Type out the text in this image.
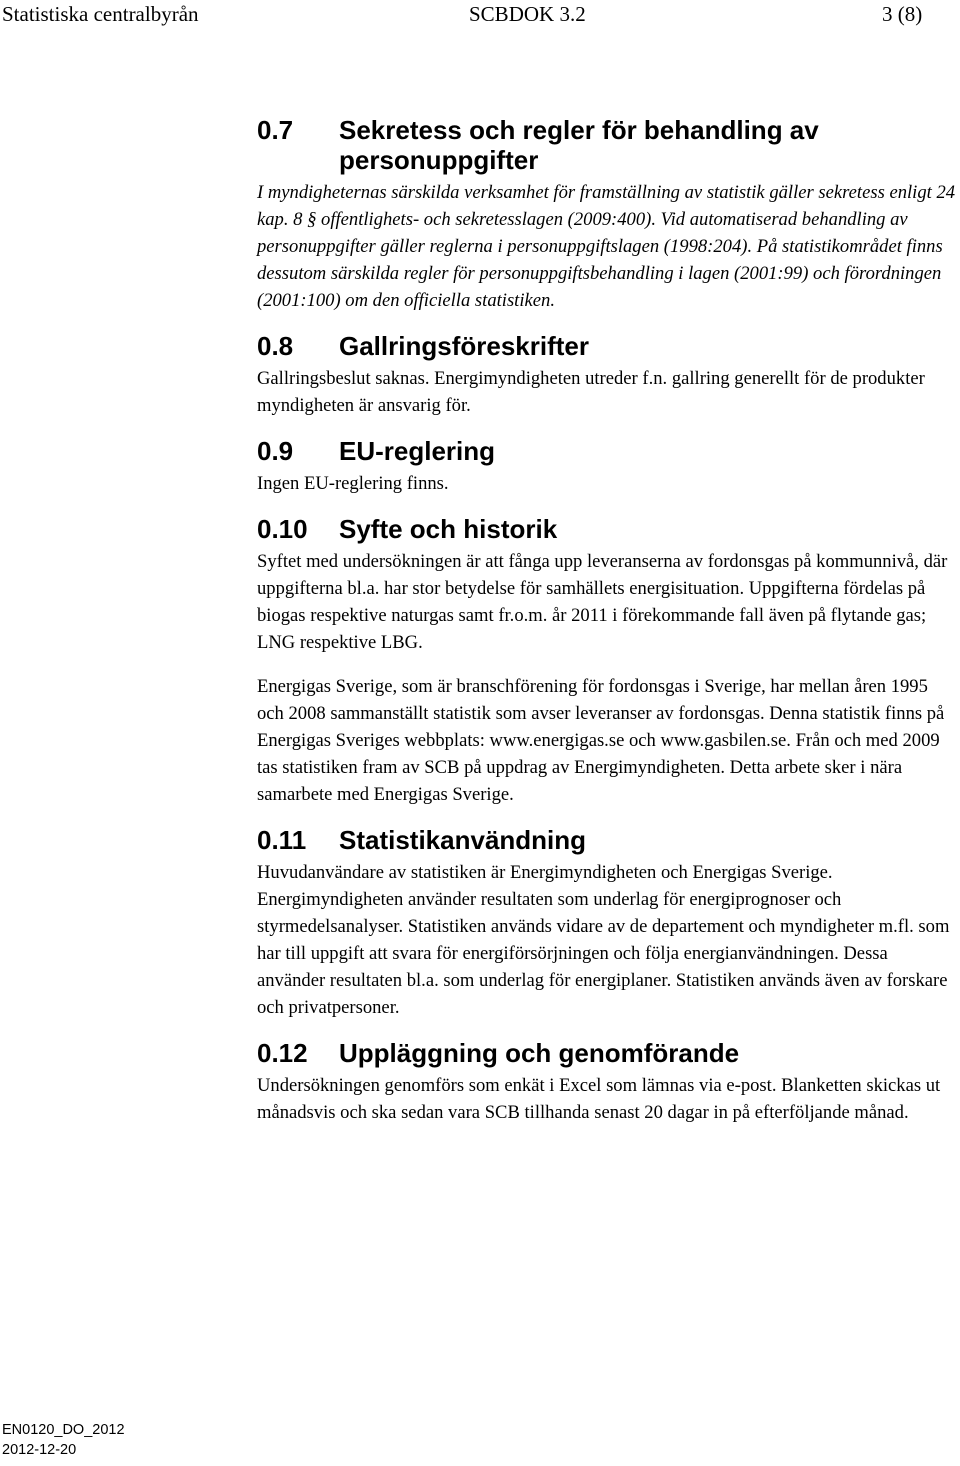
Statistiska centralbyrån	SCBDOK 3.2	3 (8)
0.7	Sekretess och regler för behandling av personuppgifter

I myndigheternas särskilda verksamhet för framställning av statistik gäller sekretess enligt 24 kap. 8 § offentlighets- och sekretesslagen (2009:400). Vid automatiserad behandling av personuppgifter gäller reglerna i personuppgiftslagen (1998:204). På statistikområdet finns dessutom särskilda regler för personuppgiftsbehandling i lagen (2001:99) och förordningen (2001:100) om den officiella statistiken.

0.8	Gallringsföreskrifter

Gallringsbeslut saknas. Energimyndigheten utreder f.n. gallring generellt för de produkter myndigheten är ansvarig för.

0.9	EU-reglering

Ingen EU-reglering finns.

0.10	Syfte och historik

Syftet med undersökningen är att fånga upp leveranserna av fordonsgas på kommunnivå, där uppgifterna bl.a. har stor betydelse för samhällets energisituation. Uppgifterna fördelas på biogas respektive naturgas samt fr.o.m. år 2011 i förekommande fall även på flytande gas; LNG respektive LBG.

Energigas Sverige, som är branschförening för fordonsgas i Sverige, har mellan åren 1995 och 2008 sammanställt statistik som avser leveranser av fordonsgas. Denna statistik finns på Energigas Sveriges webbplats: www.energigas.se och www.gasbilen.se. Från och med 2009 tas statistiken fram av SCB på uppdrag av Energimyndigheten. Detta arbete sker i nära samarbete med Energigas Sverige.

0.11	Statistikanvändning

Huvudanvändare av statistiken är Energimyndigheten och Energigas Sverige. Energimyndigheten använder resultaten som underlag för energiprognoser och styrmedelsanalyser. Statistiken används vidare av de departement och myndigheter m.fl. som har till uppgift att svara för energiförsörjningen och följa energianvändningen. Dessa använder resultaten bl.a. som underlag för energiplaner. Statistiken används även av forskare och privatpersoner.

0.12	Uppläggning och genomförande

Undersökningen genomförs som enkät i Excel som lämnas via e-post. Blanketten skickas ut månadsvis och ska sedan vara SCB tillhanda senast 20 dagar in på efterföljande månad.

EN0120_DO_2012
2012-12-20
